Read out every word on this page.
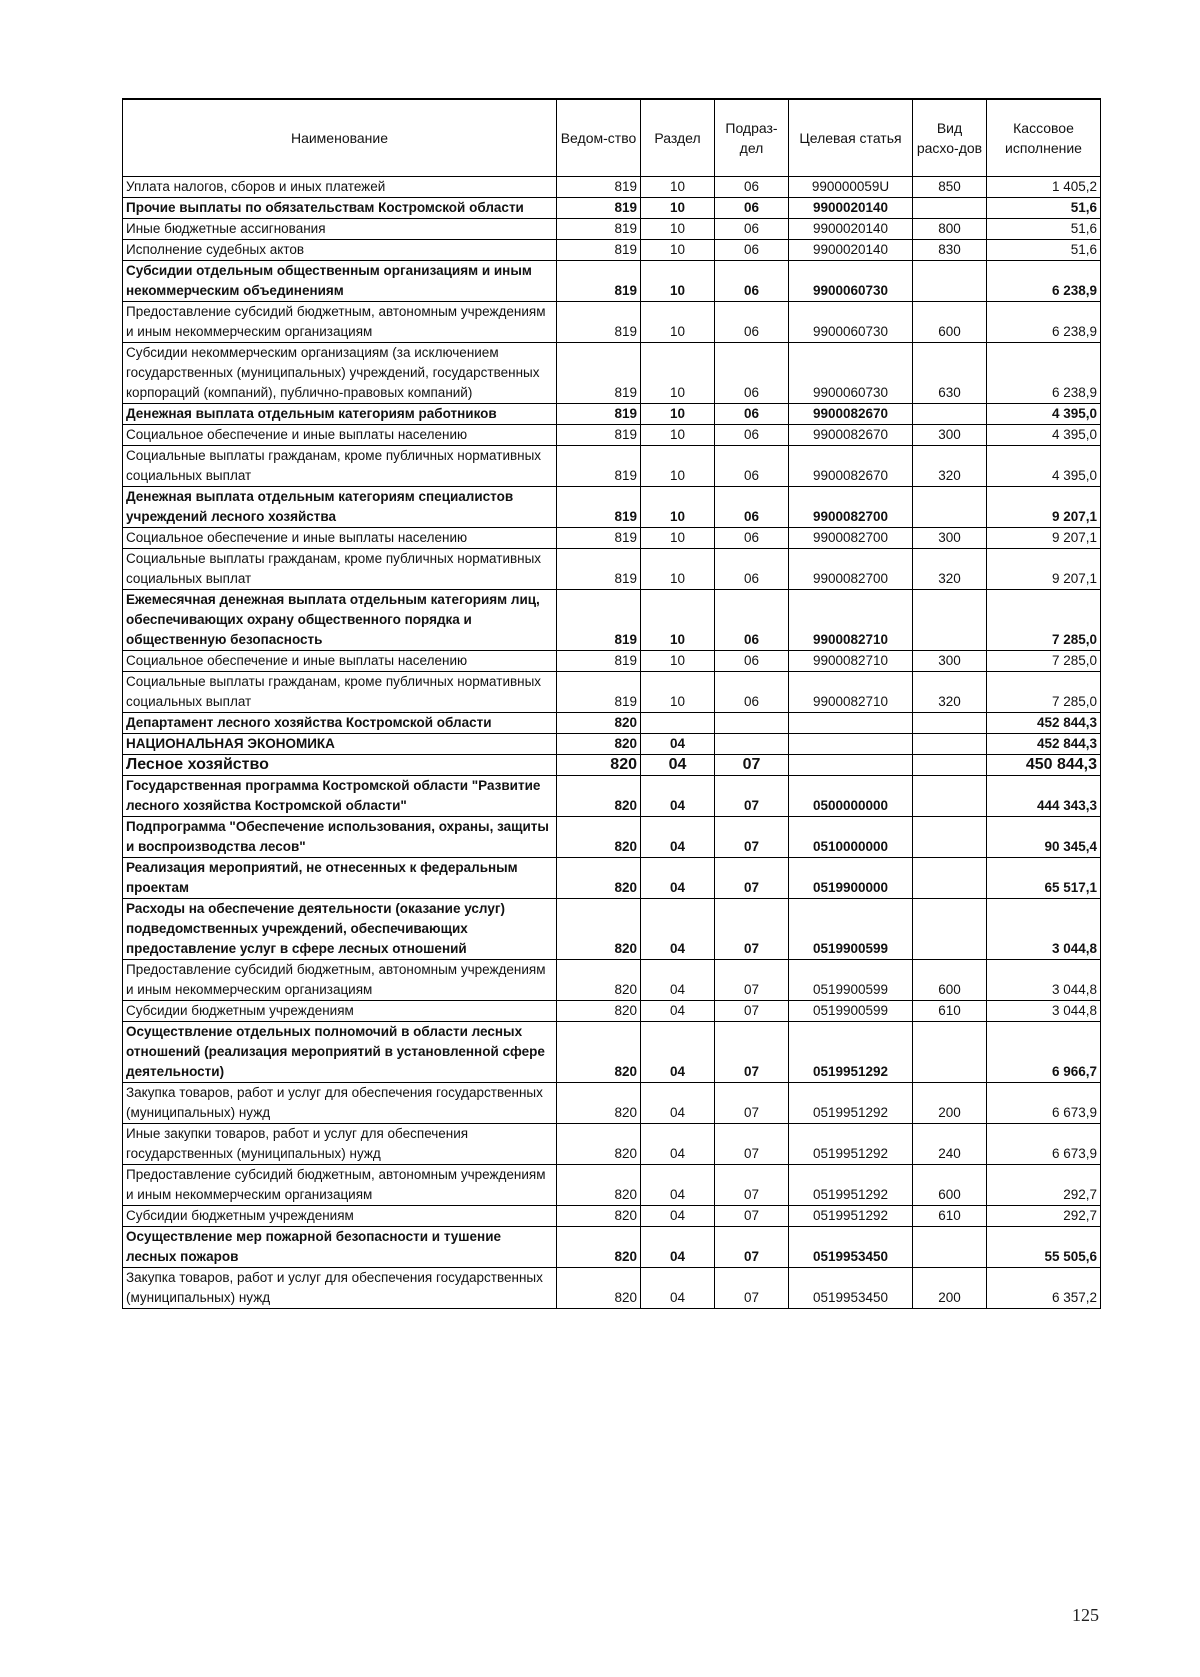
Наименование	Ведом-ство	Раздел	Подраз-дел	Целевая статья	Вид расхо-дов	Кассовое исполнение
Уплата налогов, сборов и иных платежей	819	10	06	990000059U	850	1 405,2
Прочие выплаты по обязательствам Костромской области	819	10	06	9900020140		51,6
Иные бюджетные ассигнования	819	10	06	9900020140	800	51,6
Исполнение судебных актов	819	10	06	9900020140	830	51,6
Субсидии отдельным общественным организациям и иным некоммерческим объединениям	819	10	06	9900060730		6 238,9
Предоставление субсидий бюджетным, автономным учреждениям и иным некоммерческим организациям	819	10	06	9900060730	600	6 238,9
Субсидии некоммерческим организациям (за исключением государственных (муниципальных) учреждений, государственных корпораций (компаний), публично-правовых компаний)	819	10	06	9900060730	630	6 238,9
Денежная выплата отдельным категориям работников	819	10	06	9900082670		4 395,0
Социальное обеспечение и иные выплаты населению	819	10	06	9900082670	300	4 395,0
Социальные выплаты гражданам, кроме публичных нормативных социальных выплат	819	10	06	9900082670	320	4 395,0
Денежная выплата отдельным категориям специалистов учреждений лесного хозяйства	819	10	06	9900082700		9 207,1
Социальное обеспечение и иные выплаты населению	819	10	06	9900082700	300	9 207,1
Социальные выплаты гражданам, кроме публичных нормативных социальных выплат	819	10	06	9900082700	320	9 207,1
Ежемесячная денежная выплата отдельным категориям лиц, обеспечивающих охрану общественного порядка и общественную безопасность	819	10	06	9900082710		7 285,0
Социальное обеспечение и иные выплаты населению	819	10	06	9900082710	300	7 285,0
Социальные выплаты гражданам, кроме публичных нормативных социальных выплат	819	10	06	9900082710	320	7 285,0
Департамент лесного хозяйства Костромской области	820					452 844,3
НАЦИОНАЛЬНАЯ ЭКОНОМИКА	820	04				452 844,3
Лесное хозяйство	820	04	07			450 844,3
Государственная программа Костромской области "Развитие лесного хозяйства Костромской области"	820	04	07	0500000000		444 343,3
Подпрограмма "Обеспечение использования, охраны, защиты и воспроизводства лесов"	820	04	07	0510000000		90 345,4
Реализация мероприятий, не отнесенных к федеральным проектам	820	04	07	0519900000		65 517,1
Расходы на обеспечение деятельности (оказание услуг) подведомственных учреждений, обеспечивающих предоставление услуг в сфере лесных отношений	820	04	07	0519900599		3 044,8
Предоставление субсидий бюджетным, автономным учреждениям и иным некоммерческим организациям	820	04	07	0519900599	600	3 044,8
Субсидии бюджетным учреждениям	820	04	07	0519900599	610	3 044,8
Осуществление отдельных полномочий в области лесных отношений (реализация мероприятий в установленной сфере деятельности)	820	04	07	0519951292		6 966,7
Закупка товаров, работ и услуг для обеспечения государственных (муниципальных) нужд	820	04	07	0519951292	200	6 673,9
Иные закупки товаров, работ и услуг для обеспечения государственных (муниципальных) нужд	820	04	07	0519951292	240	6 673,9
Предоставление субсидий бюджетным, автономным учреждениям и иным некоммерческим организациям	820	04	07	0519951292	600	292,7
Субсидии бюджетным учреждениям	820	04	07	0519951292	610	292,7
Осуществление мер пожарной безопасности и тушение лесных пожаров	820	04	07	0519953450		55 505,6
Закупка товаров, работ и услуг для обеспечения государственных (муниципальных) нужд	820	04	07	0519953450	200	6 357,2
125
